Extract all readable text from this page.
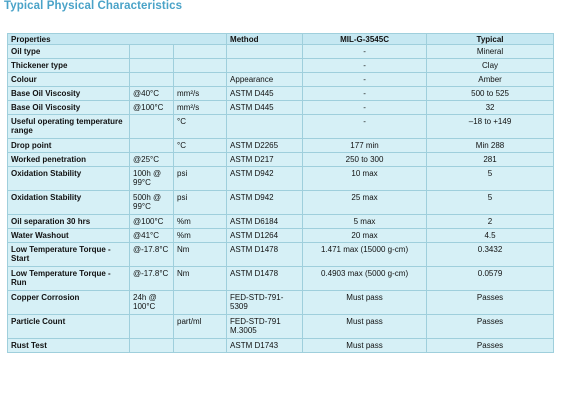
Typical Physical Characteristics
Properties			Method	MIL-G-3545C	Typical
Oil type				-	Mineral
Thickener type				-	Clay
Colour			Appearance	-	Amber
Base Oil Viscosity	@40°C	mm²/s	ASTM D445	-	500 to 525
Base Oil Viscosity	@100°C	mm²/s	ASTM D445	-	32
Useful operating temperature range		°C		-	–18 to +149
Drop point		°C	ASTM D2265	177 min	Min 288
Worked penetration	@25°C		ASTM D217	250 to 300	281
Oxidation Stability	100h @ 99°C	psi	ASTM D942	10 max	5
Oxidation Stability	500h @ 99°C	psi	ASTM D942	25 max	5
Oil separation 30 hrs	@100°C	%m	ASTM D6184	5 max	2
Water Washout	@41°C	%m	ASTM D1264	20 max	4.5
Low Temperature Torque - Start	@-17.8°C	Nm	ASTM D1478	1.471 max (15000 g-cm)	0.3432
Low Temperature Torque - Run	@-17.8°C	Nm	ASTM D1478	0.4903 max (5000 g-cm)	0.0579
Copper Corrosion	24h @ 100°C		FED-STD-791-5309	Must pass	Passes
Particle Count		part/ml	FED-STD-791 M.3005	Must pass	Passes
Rust Test			ASTM D1743	Must pass	Passes
